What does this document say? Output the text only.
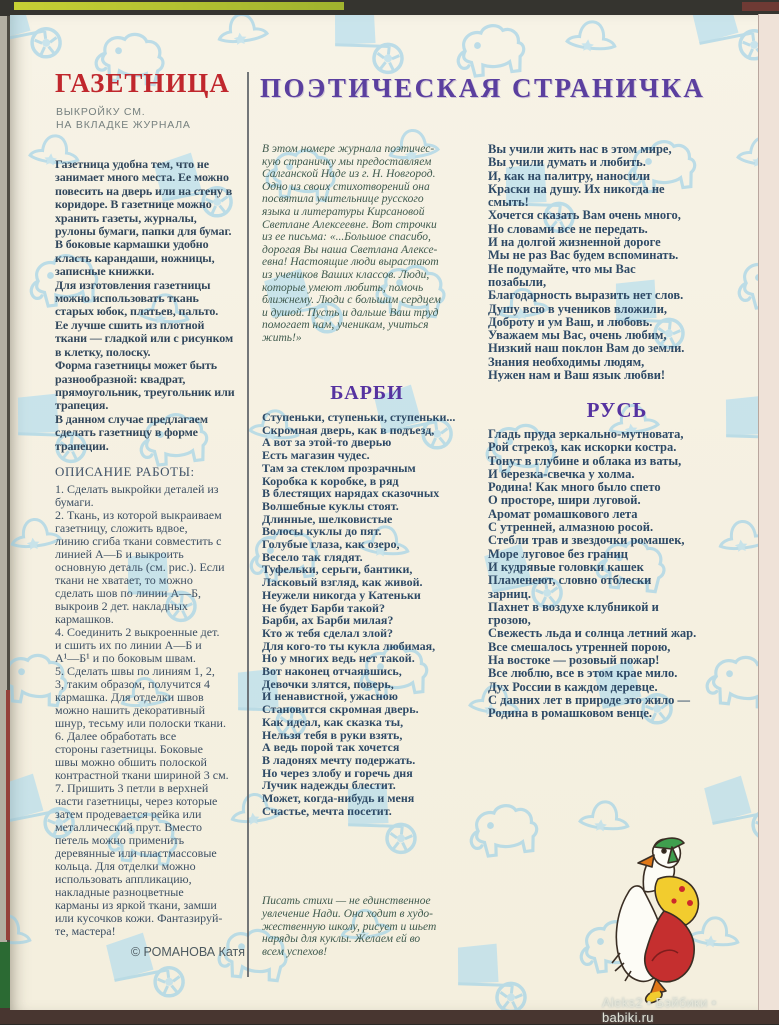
ГАЗЕТНИЦА
ВЫКРОЙКУ СМ.
НА ВКЛАДКЕ ЖУРНАЛА
Газетница удобна тем, что не
занимает много места. Ее можно
повесить на дверь или на стену в
коридоре. В газетнице можно
хранить газеты, журналы,
рулоны бумаги, папки для бумаг.
В боковые кармашки удобно
класть карандаши, ножницы,
записные книжки.
Для изготовления газетницы
можно использовать ткань
старых юбок, платьев, пальто.
Ее лучше сшить из плотной
ткани — гладкой или с рисунком
в клетку, полоску.
Форма газетницы может быть
разнообразной: квадрат,
прямоугольник, треугольник или
трапеция.
В данном случае предлагаем
сделать газетницу в форме
трапеции.
ОПИСАНИЕ РАБОТЫ:
1. Сделать выкройки деталей из
бумаги.
2. Ткань, из которой выкраиваем
газетницу, сложить вдвое,
линию сгиба ткани совместить с
линией А—Б и выкроить
основную деталь (см. рис.). Если
ткани не хватает, то можно
сделать шов по линии А—Б,
выкроив 2 дет. накладных
кармашков.
4. Соединить 2 выкроенные дет.
и сшить их по линии А—Б и
А¹—Б¹ и по боковым швам.
5. Сделать швы по линиям 1, 2,
3, таким образом, получится 4
кармашка. Для отделки швов
можно нашить декоративный
шнур, тесьму или полоски ткани.
6. Далее обработать все
стороны газетницы. Боковые
швы можно обшить полоской
контрастной ткани шириной 3 см.
7. Пришить 3 петли в верхней
части газетницы, через которые
затем продевается рейка или
металлический прут. Вместо
петель можно применить
деревянные или пластмассовые
кольца. Для отделки можно
использовать аппликацию,
накладные разноцветные
карманы из яркой ткани, замши
или кусочков кожи. Фантазируй-
те, мастера!
© РОМАНОВА Катя
ПОЭТИЧЕСКАЯ СТРАНИЧКА
В этом номере журнала поэтичес-
кую страничку мы предоставляем
Салганской Наде из г. Н. Новгород.
Одно из своих стихотворений она
посвятила учительнице русского
языка и литературы Кирсановой
Светлане Алексеевне. Вот строчки
из ее письма: «...Большое спасибо,
дорогая Вы наша Светлана Алексе-
евна! Настоящие люди вырастают
из учеников Ваших классов. Люди,
которые умеют любить, помочь
ближнему. Люди с большим сердцем
и душой. Пусть и дальше Ваш труд
помогает нам, ученикам, учиться
жить!»
БАРБИ
Ступеньки, ступеньки, ступеньки...
Скромная дверь, как в подъезд,
А вот за этой-то дверью
Есть магазин чудес.
Там за стеклом прозрачным
Коробка к коробке, в ряд
В блестящих нарядах сказочных
Волшебные куклы стоят.
Длинные, шелковистые
Волосы куклы до пят.
Голубые глаза, как озеро,
Весело так глядят.
Туфельки, серьги, бантики,
Ласковый взгляд, как живой.
Неужели никогда у Катеньки
Не будет Барби такой?
Барби, ах Барби милая?
Кто ж тебя сделал злой?
Для кого-то ты кукла любимая,
Но у многих ведь нет такой.
Вот наконец отчаявшись,
Девочки злятся, поверь,
И ненавистной, ужасною
Становится скромная дверь.
Как идеал, как сказка ты,
Нельзя тебя в руки взять,
А ведь порой так хочется
В ладонях мечту подержать.
Но через злобу и горечь дня
Лучик надежды блестит.
Может, когда-нибудь и меня
Счастье, мечта посетит.
Писать стихи — не единственное
увлечение Нади. Она ходит в худо-
жественную школу, рисует и шьет
наряды для куклы. Желаем ей во
всем успехов!
Вы учили жить нас в этом мире,
Вы учили думать и любить.
И, как на палитру, наносили
Краски на душу. Их никогда не
смыть!
Хочется сказать Вам очень много,
Но словами все не передать.
И на долгой жизненной дороге
Мы не раз Вас будем вспоминать.
Не подумайте, что мы Вас
позабыли,
Благодарность выразить нет слов.
Душу всю в учеников вложили,
Доброту и ум Ваш, и любовь.
Уважаем мы Вас, очень любим,
Низкий наш поклон Вам до земли.
Знания необходимы людям,
Нужен нам и Ваш язык любви!
РУСЬ
Гладь пруда зеркально-мутновата,
Рой стрекоз, как искорки костра.
Тонут в глубине и облака из ваты,
И березка-свечка у холма.
Родина! Как много было спето
О просторе, шири луговой.
Аромат ромашкового лета
С утренней, алмазною росой.
Стебли трав и звездочки ромашек,
Море луговое без границ
И кудрявые головки кашек
Пламенеют, словно отблески
зарниц.
Пахнет в воздухе клубникой и
грозою,
Свежесть льда и солнца летний жар.
Все смешалось утренней порою,
На востоке — розовый пожар!
Все люблю, все в этом крае мило.
Дух России в каждом деревце.
С давних лет в природе это жило —
Родина в ромашковом венце.
Aleks2 • Бэйбики • babiki.ru
